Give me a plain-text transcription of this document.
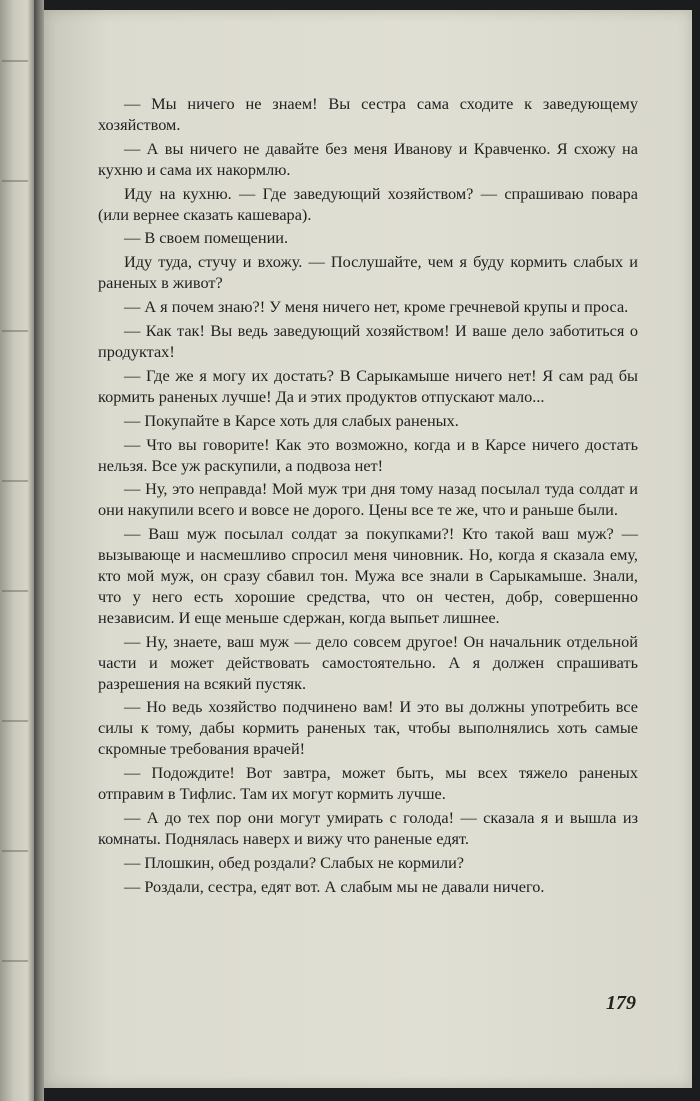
— Мы ничего не знаем! Вы сестра сама сходите к заведующему хозяйством.

— А вы ничего не давайте без меня Иванову и Кравченко. Я схожу на кухню и сама их накормлю.

Иду на кухню. — Где заведующий хозяйством? — спрашиваю повара (или вернее сказать кашевара).

— В своем помещении.

Иду туда, стучу и вхожу. — Послушайте, чем я буду кормить слабых и раненых в живот?

— А я почем знаю?! У меня ничего нет, кроме гречневой крупы и проса.

— Как так! Вы ведь заведующий хозяйством! И ваше дело заботиться о продуктах!

— Где же я могу их достать? В Сарыкамыше ничего нет! Я сам рад бы кормить раненых лучше! Да и этих продуктов отпускают мало...

— Покупайте в Карсе хоть для слабых раненых.

— Что вы говорите! Как это возможно, когда и в Карсе ничего достать нельзя. Все уж раскупили, а подвоза нет!

— Ну, это неправда! Мой муж три дня тому назад посылал туда солдат и они накупили всего и вовсе не дорого. Цены все те же, что и раньше были.

— Ваш муж посылал солдат за покупками?! Кто такой ваш муж? — вызывающе и насмешливо спросил меня чиновник. Но, когда я сказала ему, кто мой муж, он сразу сбавил тон. Мужа все знали в Сарыкамыше. Знали, что у него есть хорошие средства, что он честен, добр, совершенно независим. И еще меньше сдержан, когда выпьет лишнее.

— Ну, знаете, ваш муж — дело совсем другое! Он начальник отдельной части и может действовать самостоятельно. А я должен спрашивать разрешения на всякий пустяк.

— Но ведь хозяйство подчинено вам! И это вы должны употребить все силы к тому, дабы кормить раненых так, чтобы выполнялись хоть самые скромные требования врачей!

— Подождите! Вот завтра, может быть, мы всех тяжело раненых отправим в Тифлис. Там их могут кормить лучше.

— А до тех пор они могут умирать с голода! — сказала я и вышла из комнаты. Поднялась наверх и вижу что раненые едят.

— Плошкин, обед роздали? Слабых не кормили?

— Роздали, сестра, едят вот. А слабым мы не давали ничего.

179
